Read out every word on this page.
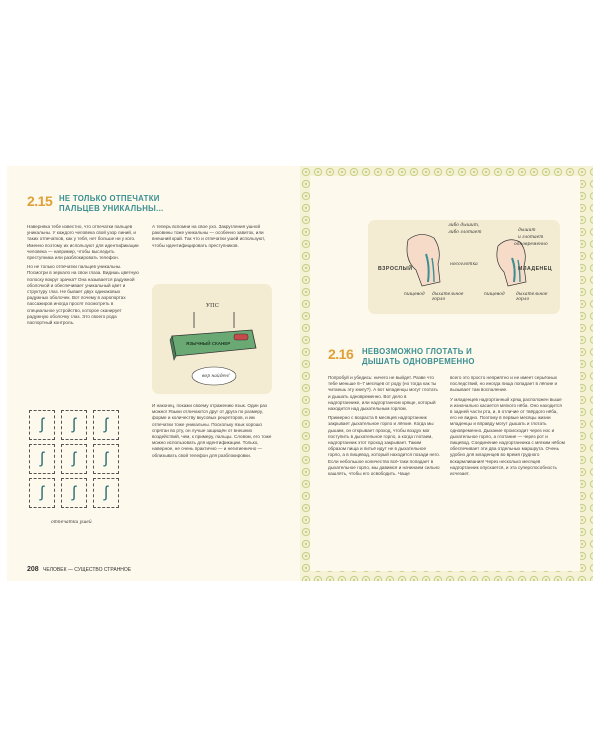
2.15 НЕ ТОЛЬКО ОТПЕЧАТКИ ПАЛЬЦЕВ УНИКАЛЬНЫ...

Наверняка тебе известно, что отпечатки пальцев уникальны. У каждого человека свой узор линий, и таких отпечатков, как у тебя, нет больше ни у кого. Именно поэтому их используют для идентификации человека — например, чтобы выследить преступника или разблокировать телефон.

Но не только отпечатки пальцев уникальны. Посмотри в зеркало на свои глаза. Видишь цветную полоску вокруг зрачка? Она называется радужной оболочкой и обеспечивает уникальный цвет и структуру глаз. Не бывает двух одинаковых радужных оболочек. Вот почему в аэропортах пассажиров иногда просят посмотреть в специальное устройство, которое сканирует радужную оболочку глаз. Это своего рода паспортный контроль.

А теперь вспомни на свое ухо. Закругления ушной раковины тоже уникальны — особенно завиток, или внешний край. Так что и отпечатки ушей используют, чтобы идентифицировать преступников.

УПС
ЯЗЫЧНЫЙ СКАНЕР
вор найден!
ʃ	ʃ	ʃ
ʃ	ʃ	ʃ
ʃ	ʃ	ʃ
отпечатки ушей

И наконец, покажи своему отражению язык. Один раз можно! Языки отличаются друг от друга по размеру, форме и количеству вкусовых рецепторов, и им отпечатки тоже уникальны. Поскольку язык хорошо спрятан во рту, он лучше защищён от внешних воздействий, чем, к примеру, пальцы. Словом, его тоже можно использовать для идентификации. Только, наверное, не очень практично — и негигиенично — облизывать свой телефон для разблокировки.

208 ЧЕЛОВЕК — СУЩЕСТВО СТРАННОЕ
ВЗРОСЛЫЙ	МЛАДЕНЕЦ
либо дышит,
либо глотает	дышит
и глотает
одновременно
носоглотка
пищевод дыхательное горло
пищевод	дыхательное горло
2.16 НЕВОЗМОЖНО ГЛОТАТЬ И ДЫШАТЬ ОДНОВРЕМЕННО

Попробуй и убедись: ничего не выйдет. Разве что тебе меньше 6–7 месяцев от роду (но тогда как ты читаешь эту книгу?). А вот младенцы могут глотать и дышать одновременно. Вот дело в надгортаннике, или надгортанном хряще, который находится над дыхательным горлом.

Примерно с возраста 6 месяцев надгортанник закрывает дыхательное горло и лёгкие. Когда мы дышим, он открывает проход, чтобы воздух мог поступить в дыхательное горло, а когда глотаем, надгортанник этот проход закрывает. Таким образом пища и питьё идут не в дыхательное горло, а в пищевод, который находится позади него. Если небольшое количество всё-таки попадает в дыхательное горло, мы давимся и начинаем сильно кашлять, чтобы его освободить. Чаще

всего это просто неприятно и не имеет серьёзных последствий, но иногда пища попадает в лёгкие и вызывает там воспаление.

У младенцев надгортанный хрящ расположен выше и изначально касается мягкого нёба. Оно находится в задней части рта, и, в отличие от твёрдого нёба, его не видно. Поэтому в первые месяцы жизни младенцы и вправду могут дышать и глотать одновременно. Дыхание происходит через нос и дыхательное горло, а глотание — через рот и пищевод. Соединение надгортанника с мягким нёбом обеспечивает эти два отдельных маршрута. Очень удобно для младенцев во время грудного вскармливания! Через несколько месяцев надгортанник опускается, и эта суперспособность исчезает.
